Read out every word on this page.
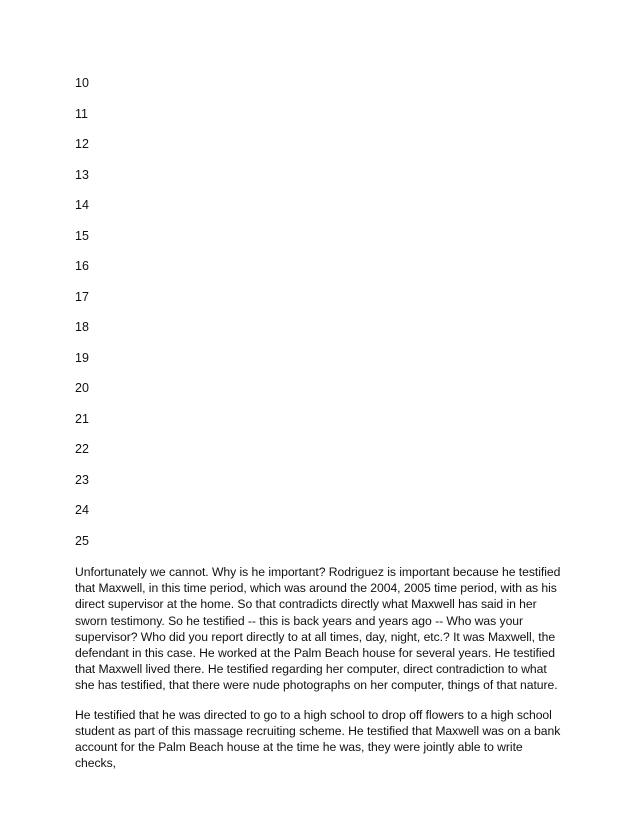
10
11
12
13
14
15
16
17
18
19
20
21
22
23
24
25

Unfortunately we cannot. Why is he important? Rodriguez is important because he testified that Maxwell, in this time period, which was around the 2004, 2005 time period, with as his direct supervisor at the home. So that contradicts directly what Maxwell has said in her sworn testimony. So he testified -- this is back years and years ago -- Who was your supervisor? Who did you report directly to at all times, day, night, etc.? It was Maxwell, the defendant in this case. He worked at the Palm Beach house for several years. He testified that Maxwell lived there. He testified regarding her computer, direct contradiction to what she has testified, that there were nude photographs on her computer, things of that nature.

He testified that he was directed to go to a high school to drop off flowers to a high school student as part of this massage recruiting scheme. He testified that Maxwell was on a bank account for the Palm Beach house at the time he was, they were jointly able to write checks,
